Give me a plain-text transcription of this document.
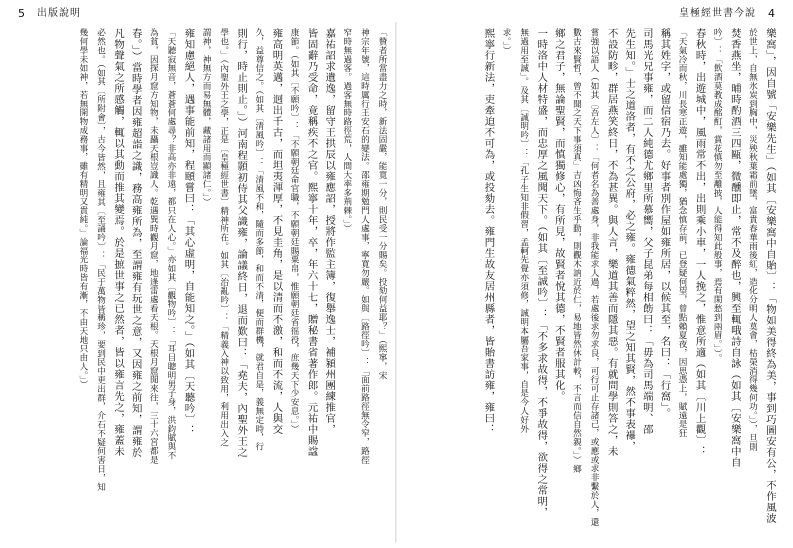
5 出版說明	皇極經世書今說 4
「贊者所當盡力之時，新法固嚴，能寬一分，則民受一分賜矣。投劾何益耶？」（熙寧，宋
神宗年號，這時厲行王安石的變法。邵雍期勉門人處事，寧寬勿嚴。如與〔路徑吟〕：「面前路徑無令窄，路徑
窄時無過客。過客無時路徑荒，人間大率多荊棘。」）
嘉祐詔求遺逸，留守王拱辰以雍應詔，授將作監主簿，復舉逸士，補潁州團練推官，
皆固辭乃受命，竟稱疾不之官。熙寧十年，卒，年六十七，贈秘書省著作郎。元祐中賜諡
康節。（如其〔不願吟〕：「不願朝廷命官職，不願朝廷賜粟帛，惟願朝廷省徭役，庶幾天下少安息。」）
雍高明英邁，迥出千古，而坦夷渾厚，不見圭角，是以清而不激，和而不流，人與交
久，益尊信之。（如其〔清風吟〕：「清風不和，隨而多節，和而不清，便而群機，就君自是，義無定時，行
則行，時止則止。」）河南程顥初侍其父識雍，論議終日，退而歎曰：「堯夫，內聖外王之
學也。」（內聖外王之學，正是〔皇極經世書〕精神所在。如其〔治亂吟〕：「精義入神以致用，利用出入之
謂神，神無方而易無體，藏諸用而顯諸仁。」）
雍知慮絕人，遇事能前知，程頤嘗曰：「其心虛明，自能知之。」（如其〔天聽吟〕：
「天聽寂無音，蒼蒼何處尋？非高亦非遠，都只在人心。」亦如其〔觀物吟〕：「耳目聰明男子身，洪鈞賦與不
為貧，因探月窟方知物，未躡天根豈識人。乾遇巽時觀月窟，地逢雷處看天根。天根月窟閒來往，三十六宮都是
春。」）當時學者因雍超詣之識，務高雍所為，至謂雍有玩世之意，又因雍之前知，謂雍於
凡物聲氣之所感觸，輒以其動而推其變焉。於是摭世事之已然者，皆以雍言先之，雍蓋未
必然也。（如其〔所附會〕，古今皆然，且雍其〔至誦吟〕：「民于萬物皆稱珍，要到民中更出群，介石不疑何害日，知
幾何學未如神，若無開物成務事，雖有精明又貴純。」論福光時皆有漸，不由天地只由人。」）	樂窩」，因自號「安樂先生」（如其〔安樂窩中自貽〕：「物如美得終為美，事到巧圖安有公，不作風波
於世上，自無氷炭到胸中，災殃秋葉霜前墜，富貴春華雨後紅，造化分明人莫會，枯榮消得幾何功。」），旦則
焚香燕坐，晡時酌酒三四甌，微醺即止，常不及醉也，興至輒哦詩自詠（如其〔安樂窩中自
吟〕：「飲酒莫教成酩酊，賞花慎勿至離披，人能得知此般事，焉有閑愁到兩眉。」）。
春秋時，出遊城中，風雨常不出，出則乘小車，一人挽之，惟意所適（如其〔川上觀〕：
「天氣冷而秋，川長寒正遊，雖知能處獨，猶念慎存前，已登疑何望，曾點賴夏夜，因思憑上，賦遠是狂
稱其姓字，或留信宿乃去。好事者別作屋如雍所居，以候其至，名曰：「行窩」。
司馬光兄事雍，而二人純德尤鄉里所慕嚮，父子昆弟每相飭曰：「毋為司馬端明、邵
先生知。」士之道洛者，有不之公府，必之雍。雍德氣粹然，望之知其賢，然不事表襮，
不設防畛，群居燕笑終日，不為甚異。與人言，樂道其善而隱其惡。有就問學則答之，未
嘗強以語人（如其〔吾左人〕：「何者名為善處身，非我能求人過，若處後求勿求良，可行可止存諸己，或應或求非繫於人，還
數古來賢哲，曾不聞之天下事須真」吉凶悔吝生乎動，則觀木訥近於仁，易地皆然休計較，不言而信自然親。」）鄉
鄉之君子，無論聖賢，而慎獨修心，有所見，故賢者悅其德，不賢者服其化。
一時洛中人材特盛，而忠厚之風聞天下。（如其〔至誠吟〕：「不多求故得，不爭故得，欲得之常明，
無過用至誠」。及其〔誠明吟〕：「孔子生知非假習，孟軻先覺亦須修，誠明本屬吾家事，自是今人好外
求。」）
熙寧行新法，吏牽迫不可為，或投劾去。雍門生故友居州縣者，皆貽書訪雍，雍曰：
